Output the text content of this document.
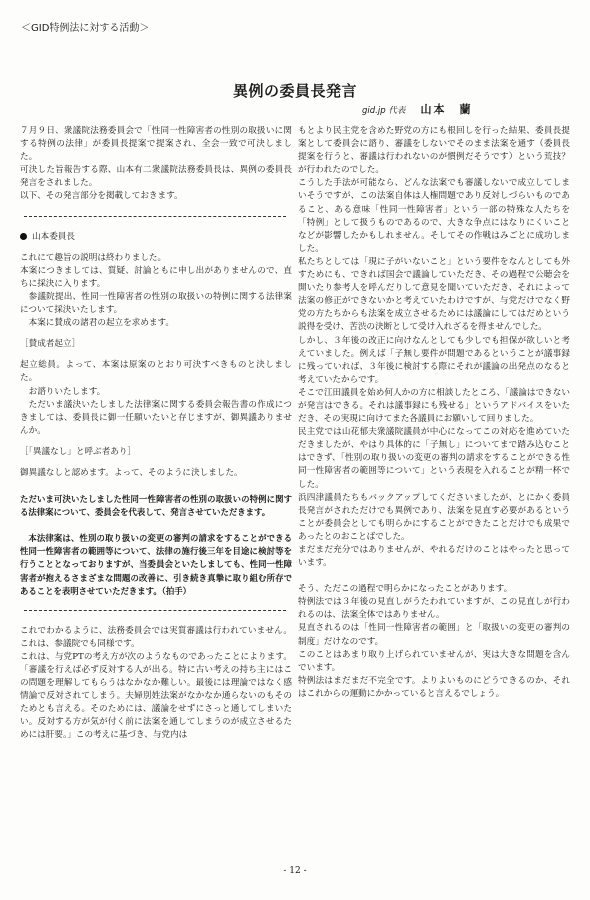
＜GID特例法に対する活動＞
異例の委員長発言
gid.jp 代表 山本　蘭

７月９日、衆議院法務委員会で「性同一性障害者の性別の取扱いに関する特例の法律」が委員長提案で提案され、全会一致で可決しました。

可決した旨報告する際、山本有二衆議院法務委員長は、異例の委員長発言をされました。

以下、その発言部分を掲載しておきます。

山本委員長

これにて趣旨の説明は終わりました。

本案につきましては、質疑、討論ともに申し出がありませんので、直ちに採決に入ります。

参議院提出、性同一性障害者の性別の取扱いの特例に関する法律案について採決いたします。

本案に賛成の諸君の起立を求めます。

［賛成者起立］

起立総員。よって、本案は原案のとおり可決すべきものと決しました。

お諮りいたします。

ただいま議決いたしました法律案に関する委員会報告書の作成につきましては、委員長に御一任願いたいと存じますが、御異議ありませんか。

［「異議なし」と呼ぶ者あり］

御異議なしと認めます。よって、そのように決しました。

ただいま可決いたしました性同一性障害者の性別の取扱いの特例に関する法律案について、委員会を代表して、発言させていただきます。

本法律案は、性別の取り扱いの変更の審判の請求をすることができる性同一性障害者の範囲等について、法律の施行後三年を目途に検討等を行うこととなっておりますが、当委員会といたしましても、性同一性障害者が抱えるさまざまな問題の改善に、引き続き真摯に取り組む所存であることを表明させていただきます。（拍手）

これでわかるように、法務委員会では実質審議は行われていません。これは、参議院でも同様です。

これは、与党PTの考え方が次のようなものであったことによります。「審議を行えば必ず反対する人が出る。特に古い考えの持ち主にはこの問題を理解してもらうはなかなか難しい。最後には理論ではなく感情論で反対されてしまう。夫婦別姓法案がなかなか通らないのもそのためとも言える。そのためには、議論をせずにさっと通してしまいたい。反対する方が気が付く前に法案を通してしまうのが成立させるためには肝要。」この考えに基づき、与党内は

もとより民主党を含めた野党の方にも根回しを行った結果、委員長提案として委員会に諮り、審議をしないでそのまま法案を通す（委員長提案を行うと、審議は行われないのが慣例だそうです）という荒技？が行われたのでした。

こうした手法が可能なら、どんな法案でも審議しないで成立してしまいそうですが、この法案自体は人権問題であり反対しづらいものであること、ある意味「性同一性障害者」という一部の特殊な人たちを「特例」として扱うものであるので、大きな争点にはなりにくいことなどが影響したかもしれません。そしてその作戦はみごとに成功しました。

私たちとしては「現に子がいないこと」という要件をなんとしても外すためにも、できれば国会で議論していただき、その過程で公聴会を開いたり参考人を呼んだりして意見を聞いていただき、それによって法案の修正ができないかと考えていたわけですが、与党だけでなく野党の方たちからも法案を成立させるためには議論にしてはだめという説得を受け、苦渋の決断として受け入れざるを得ませんでした。

しかし、３年後の改正に向けなんとしても少しでも担保が欲しいと考えていました。例えば「子無し要件が問題であるということが議事録に残っていれば、３年後に検討する際にそれが議論の出発点のなると考えていたからです。

そこで江田議員を始め何人かの方に相談したところ、「議論はできないが発言はできる。それは議事録にも残せる」というアドバイスをいただき、その実現に向けてまた各議員にお願いして回りました。

民主党では山花郁夫衆議院議員が中心になってこの対応を進めていただきましたが、やはり具体的に「子無し」についてまで踏み込むことはできず、「性別の取り扱いの変更の審判の請求をすることができる性同一性障害者の範囲等について」という表現を入れることが精一杯でした。

浜四津議員たちもバックアップしてくださいましたが、とにかく委員長発言がされただけでも異例であり、法案を見直す必要があるということが委員会としても明らかにすることができたことだけでも成果であったとのおことばでした。

まだまだ充分ではありませんが、やれるだけのことはやったと思っています。

そう、ただこの過程で明らかになったことがあります。

特例法では３年後の見直しがうたわれていますが、この見直しが行われるのは、法案全体ではありません。

見直されるのは「性同一性障害者の範囲」と「取扱いの変更の審判の制度」だけなのです。

このことはあまり取り上げられていませんが、実は大きな問題を含んでいます。

特例法はまだまだ不完全です。よりよいものにどうできるのか、それはこれからの運動にかかっていると言えるでしょう。

- 12 -
